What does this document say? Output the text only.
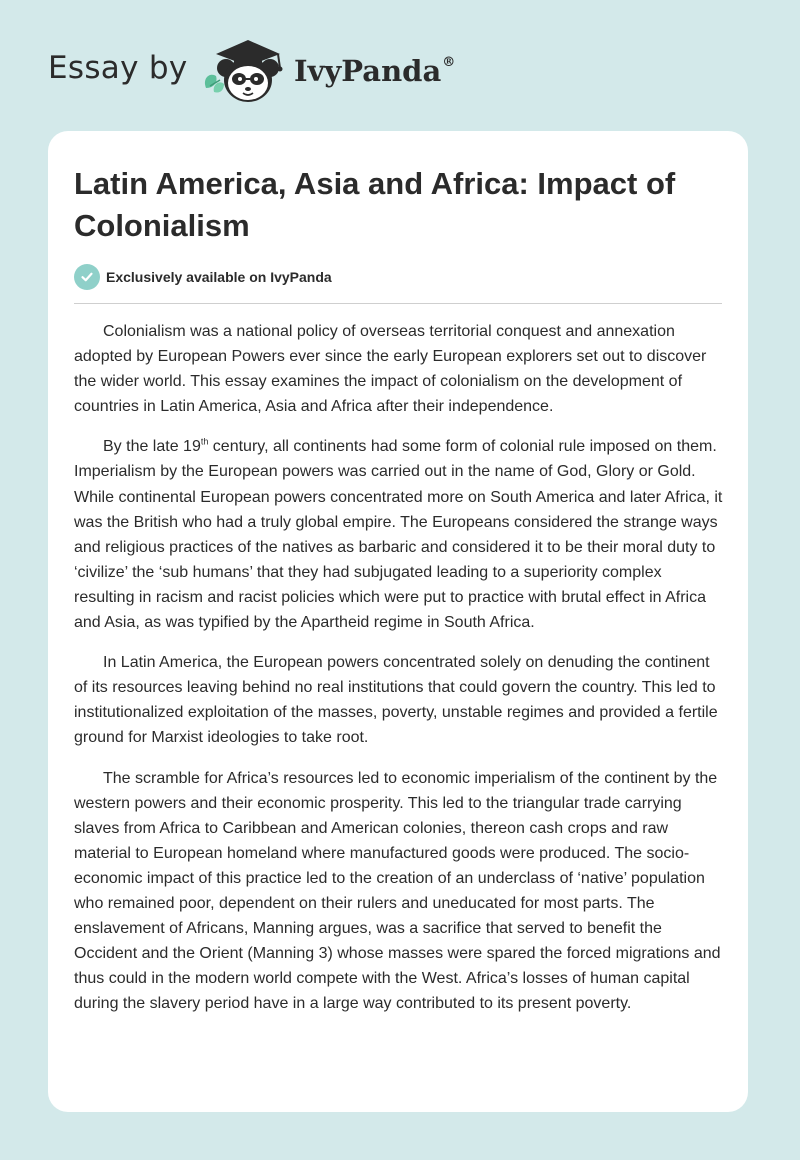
Essay by	IvyPanda®
Latin America, Asia and Africa: Impact of Colonialism
Exclusively available on IvyPanda

Colonialism was a national policy of overseas territorial conquest and annexation adopted by European Powers ever since the early European explorers set out to discover the wider world. This essay examines the impact of colonialism on the development of countries in Latin America, Asia and Africa after their independence.

By the late 19th century, all continents had some form of colonial rule imposed on them. Imperialism by the European powers was carried out in the name of God, Glory or Gold. While continental European powers concentrated more on South America and later Africa, it was the British who had a truly global empire. The Europeans considered the strange ways and religious practices of the natives as barbaric and considered it to be their moral duty to ‘civilize’ the ‘sub humans’ that they had subjugated leading to a superiority complex resulting in racism and racist policies which were put to practice with brutal effect in Africa and Asia, as was typified by the Apartheid regime in South Africa.

In Latin America, the European powers concentrated solely on denuding the continent of its resources leaving behind no real institutions that could govern the country. This led to institutionalized exploitation of the masses, poverty, unstable regimes and provided a fertile ground for Marxist ideologies to take root.

The scramble for Africa’s resources led to economic imperialism of the continent by the western powers and their economic prosperity. This led to the triangular trade carrying slaves from Africa to Caribbean and American colonies, thereon cash crops and raw material to European homeland where manufactured goods were produced. The socio-economic impact of this practice led to the creation of an underclass of ‘native’ population who remained poor, dependent on their rulers and uneducated for most parts. The enslavement of Africans, Manning argues, was a sacrifice that served to benefit the Occident and the Orient (Manning 3) whose masses were spared the forced migrations and thus could in the modern world compete with the West. Africa’s losses of human capital during the slavery period have in a large way contributed to its present poverty.
